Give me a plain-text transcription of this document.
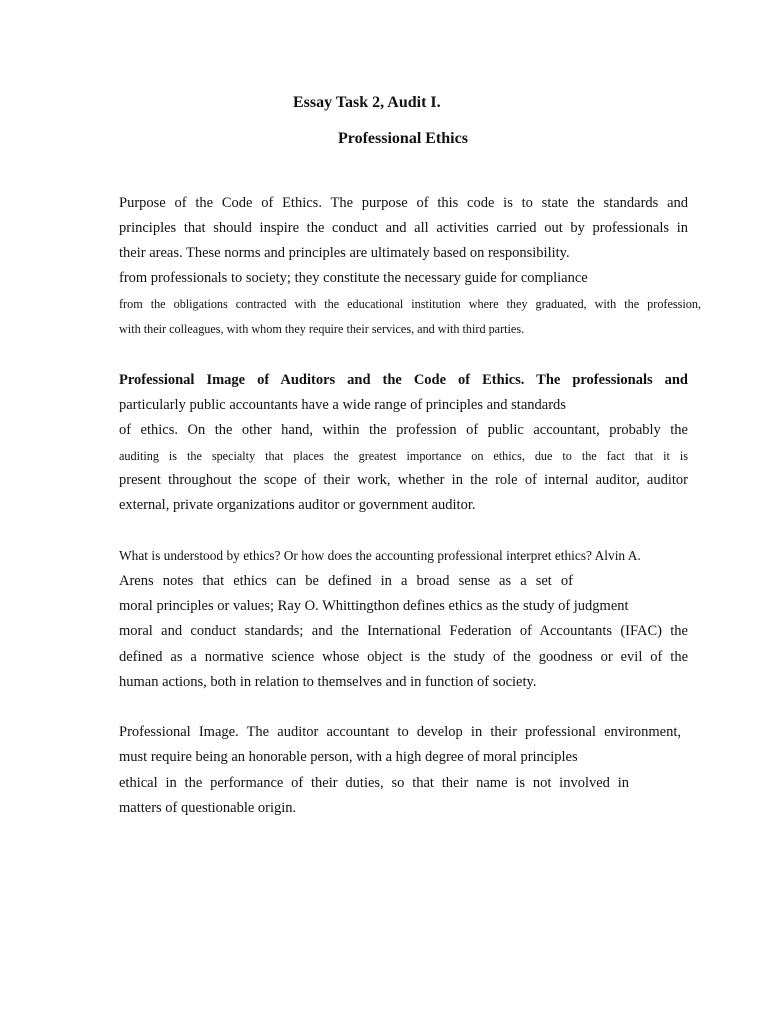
Essay Task 2, Audit I.
Professional Ethics
Purpose of the Code of Ethics. The purpose of this code is to state the standards and
principles that should inspire the conduct and all activities carried out by professionals in
their areas. These norms and principles are ultimately based on responsibility.
from professionals to society; they constitute the necessary guide for compliance
from the obligations contracted with the educational institution where they graduated, with the profession,
with their colleagues, with whom they require their services, and with third parties.
Professional Image of Auditors and the Code of Ethics. The professionals and
particularly public accountants have a wide range of principles and standards
of ethics. On the other hand, within the profession of public accountant, probably the
auditing is the specialty that places the greatest importance on ethics, due to the fact that it is
present throughout the scope of their work, whether in the role of internal auditor, auditor
external, private organizations auditor or government auditor.
What is understood by ethics? Or how does the accounting professional interpret ethics? Alvin A.
Arens notes that ethics can be defined in a broad sense as a set of
moral principles or values; Ray O. Whittingthon defines ethics as the study of judgment
moral and conduct standards; and the International Federation of Accountants (IFAC) the
defined as a normative science whose object is the study of the goodness or evil of the
human actions, both in relation to themselves and in function of society.
Professional Image. The auditor accountant to develop in their professional environment,
must require being an honorable person, with a high degree of moral principles
ethical in the performance of their duties, so that their name is not involved in
matters of questionable origin.
